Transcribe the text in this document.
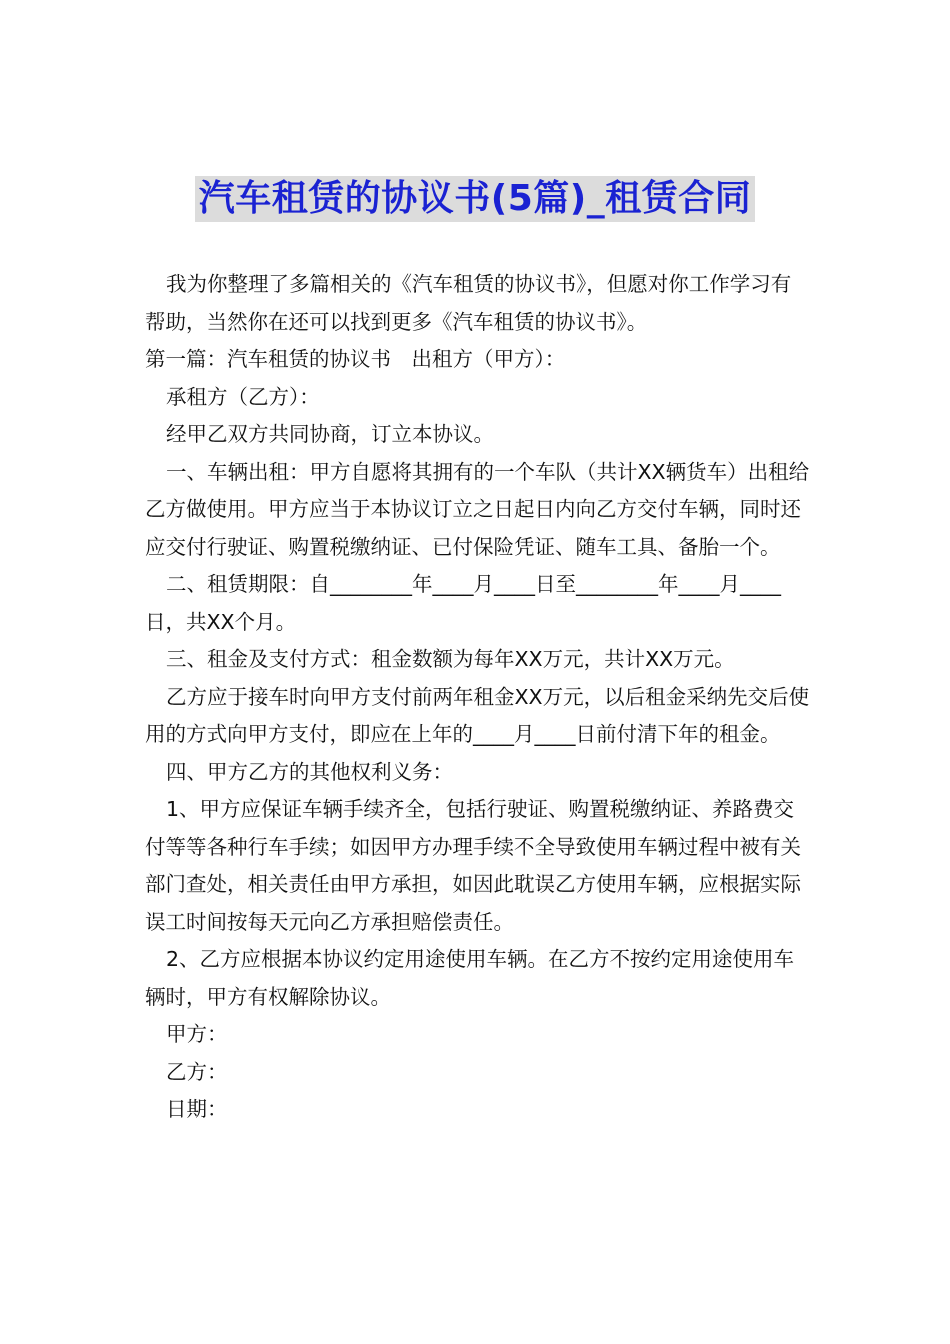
汽车租赁的协议书(5篇)_租赁合同

我为你整理了多篇相关的《汽车租赁的协议书》，但愿对你工作学习有帮助，当然你在还可以找到更多《汽车租赁的协议书》。

第一篇：汽车租赁的协议书　出租方（甲方）：

承租方（乙方）：

经甲乙双方共同协商，订立本协议。

一、车辆出租：甲方自愿将其拥有的一个车队（共计XX辆货车）出租给乙方做使用。甲方应当于本协议订立之日起日内向乙方交付车辆，同时还应交付行驶证、购置税缴纳证、已付保险凭证、随车工具、备胎一个。

二、租赁期限：自________年____月____日至________年____月____日，共XX个月。

三、租金及支付方式：租金数额为每年XX万元，共计XX万元。

乙方应于接车时向甲方支付前两年租金XX万元，以后租金采纳先交后使用的方式向甲方支付，即应在上年的____月____日前付清下年的租金。

四、甲方乙方的其他权利义务：

1、甲方应保证车辆手续齐全，包括行驶证、购置税缴纳证、养路费交付等等各种行车手续；如因甲方办理手续不全导致使用车辆过程中被有关部门查处，相关责任由甲方承担，如因此耽误乙方使用车辆，应根据实际误工时间按每天元向乙方承担赔偿责任。

2、乙方应根据本协议约定用途使用车辆。在乙方不按约定用途使用车辆时，甲方有权解除协议。

甲方：

乙方：

日期：
